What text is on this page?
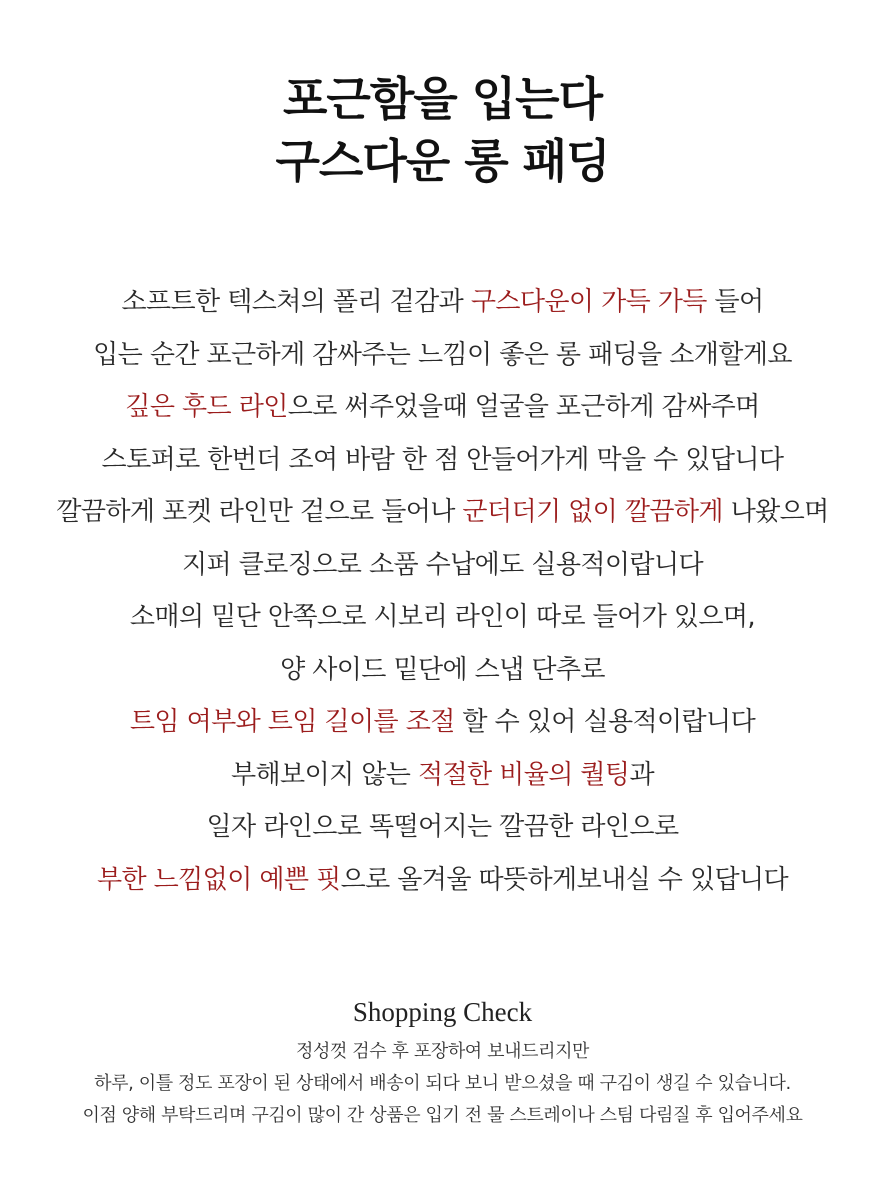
포근함을 입는다
구스다운 롱 패딩
소프트한 텍스쳐의 폴리 겉감과 구스다운이 가득 가득 들어
입는 순간 포근하게 감싸주는 느낌이 좋은 롱 패딩을 소개할게요
깊은 후드 라인으로 써주었을때 얼굴을 포근하게 감싸주며
스토퍼로 한번더 조여 바람 한 점 안들어가게 막을 수 있답니다
깔끔하게 포켓 라인만 겉으로 들어나 군더더기 없이 깔끔하게 나왔으며
지퍼 클로징으로 소품 수납에도 실용적이랍니다
소매의 밑단 안쪽으로 시보리 라인이 따로 들어가 있으며,
양 사이드 밑단에 스냅 단추로
트임 여부와 트임 길이를 조절 할 수 있어 실용적이랍니다
부해보이지 않는 적절한 비율의 퀄팅과
일자 라인으로 똑떨어지는 깔끔한 라인으로
부한 느낌없이 예쁜 핏으로 올겨울 따뜻하게보내실 수 있답니다
Shopping Check
정성껏 검수 후 포장하여 보내드리지만
하루, 이틀 정도 포장이 된 상태에서 배송이 되다 보니 받으셨을 때 구김이 생길 수 있습니다.
이점 양해 부탁드리며 구김이 많이 간 상품은 입기 전 물 스트레이나 스팀 다림질 후 입어주세요
